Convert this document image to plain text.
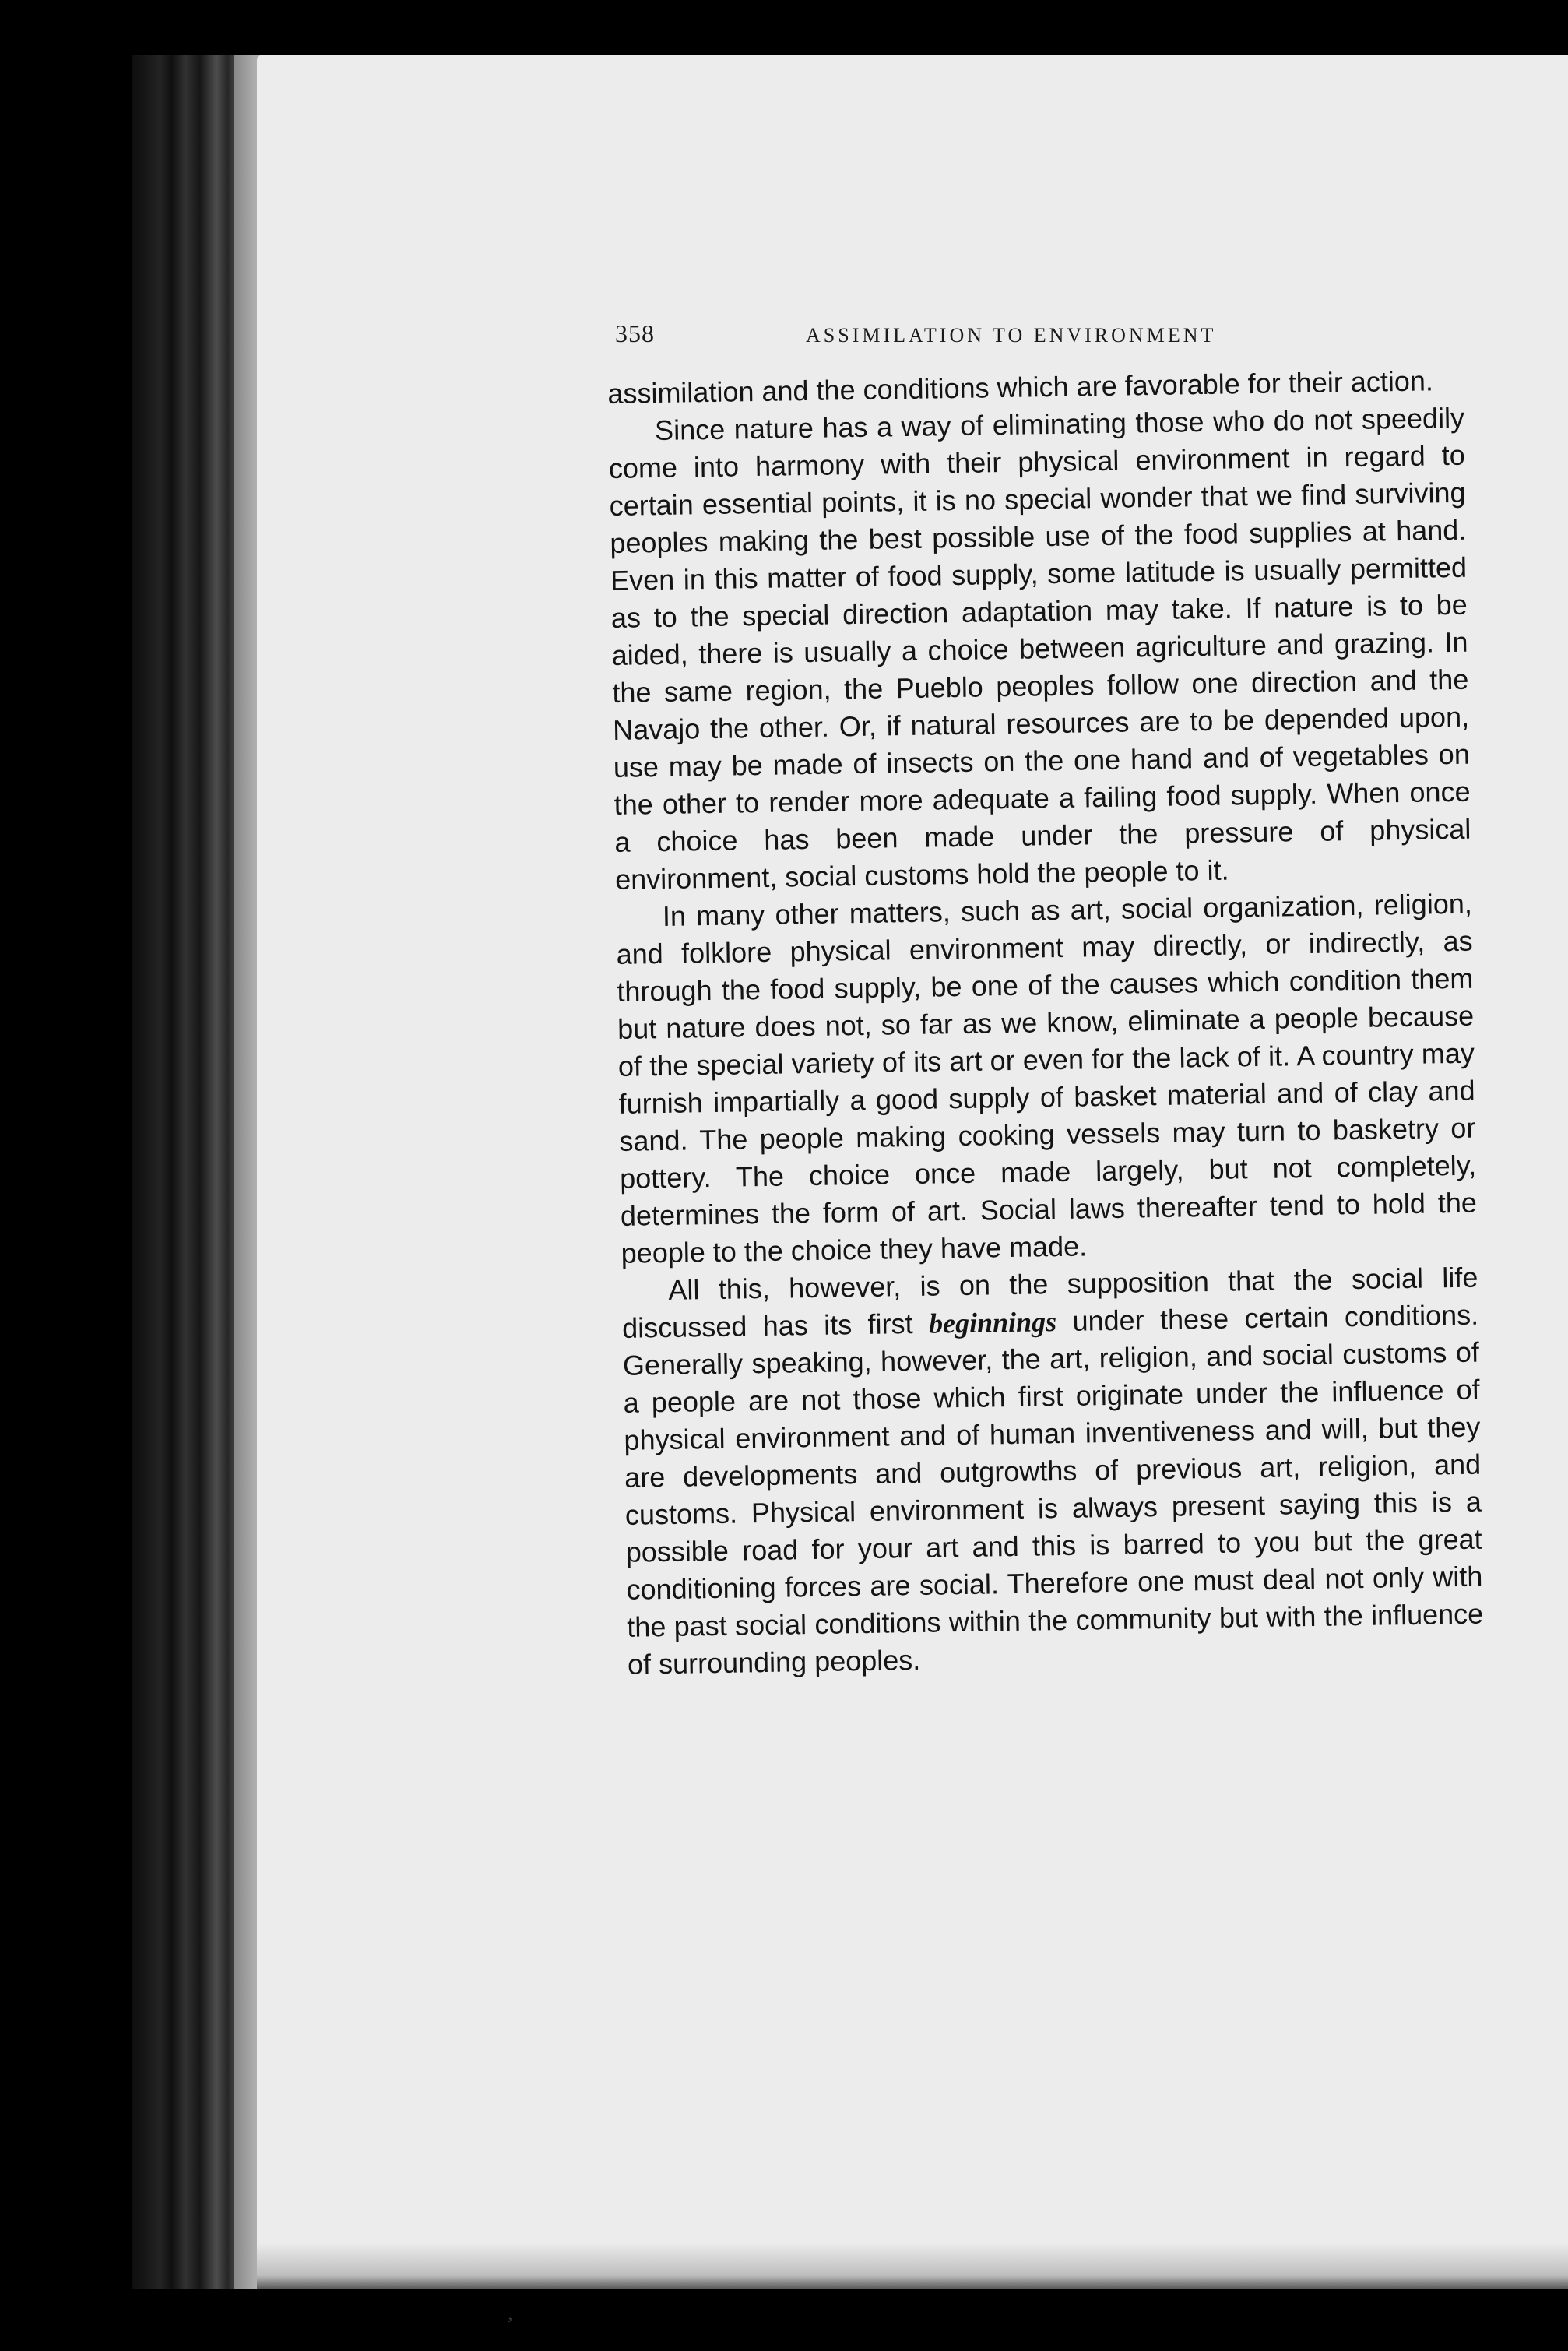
358	ASSIMILATION TO ENVIRONMENT

assimilation and the conditions which are favorable for their action.

Since nature has a way of eliminating those who do not speedily come into harmony with their physical environment in regard to certain essential points, it is no special wonder that we find surviving peoples making the best possible use of the food supplies at hand. Even in this matter of food supply, some latitude is usually permitted as to the special direction adaptation may take. If nature is to be aided, there is usually a choice between agriculture and grazing. In the same region, the Pueblo peoples follow one direction and the Navajo the other. Or, if natural resources are to be depended upon, use may be made of insects on the one hand and of vegetables on the other to render more adequate a failing food supply. When once a choice has been made under the pressure of physical environment, social customs hold the people to it.

In many other matters, such as art, social organization, religion, and folklore physical environment may directly, or indirectly, as through the food supply, be one of the causes which condition them but nature does not, so far as we know, eliminate a people because of the special variety of its art or even for the lack of it. A country may furnish impartially a good supply of basket material and of clay and sand. The people making cooking vessels may turn to basketry or pottery. The choice once made largely, but not completely, determines the form of art. Social laws thereafter tend to hold the people to the choice they have made.

All this, however, is on the supposition that the social life discussed has its first beginnings under these certain conditions. Generally speaking, however, the art, religion, and social customs of a people are not those which first originate under the influence of physical environment and of human inventiveness and will, but they are developments and outgrowths of previous art, religion, and customs. Physical environment is always present saying this is a possible road for your art and this is barred to you but the great conditioning forces are social. Therefore one must deal not only with the past social conditions within the community but with the influence of surrounding peoples.

,
